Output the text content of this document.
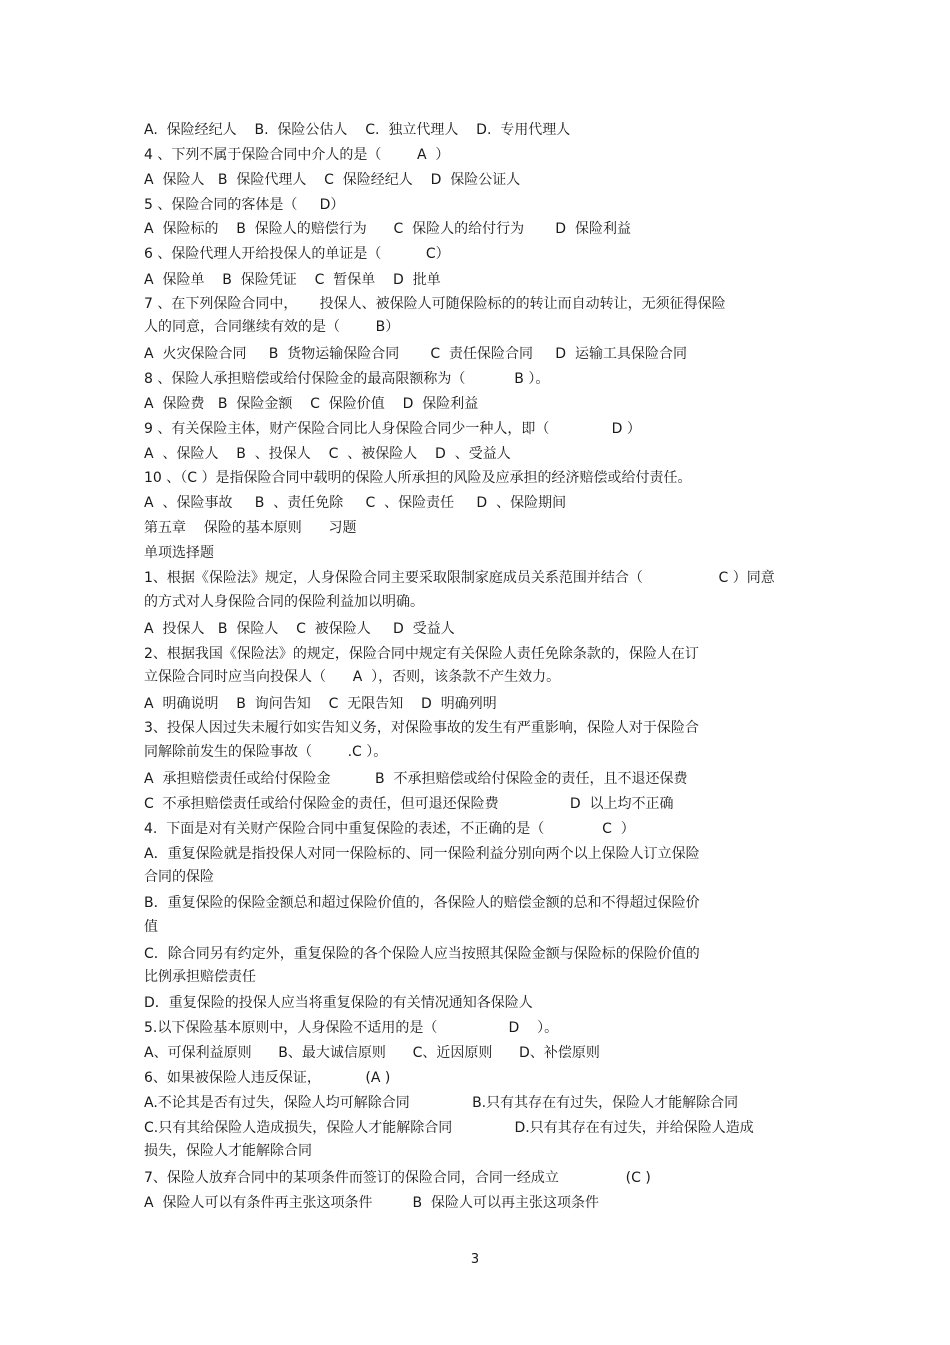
A.  保险经纪人    B.  保险公估人    C.  独立代理人    D.  专用代理人

4 、下列不属于保险合同中介人的是（        A  ）

A  保险人   B  保险代理人    C  保险经纪人    D  保险公证人

5 、保险合同的客体是（     D）

A  保险标的    B  保险人的赔偿行为      C  保险人的给付行为       D  保险利益

6 、保险代理人开给投保人的单证是（          C）

A  保险单    B  保险凭证    C  暂保单    D  批单

7 、在下列保险合同中，     投保人、被保险人可随保险标的的转让而自动转让，无须征得保险

人的同意，合同继续有效的是（        B）

A  火灾保险合同     B  货物运输保险合同       C  责任保险合同     D  运输工具保险合同

8 、保险人承担赔偿或给付保险金的最高限额称为（           B ）。

A  保险费   B  保险金额    C  保险价值    D  保险利益

9 、有关保险主体，财产保险合同比人身保险合同少一种人，即（              D ）

A  、保险人    B  、投保人    C  、被保险人    D  、受益人

10 、（C ）是指保险合同中载明的保险人所承担的风险及应承担的经济赔偿或给付责任。

A  、保险事故     B  、责任免除     C  、保险责任     D  、保险期间

第五章    保险的基本原则      习题

单项选择题

1、根据《保险法》规定，人身保险合同主要采取限制家庭成员关系范围并结合（                 C ）同意

的方式对人身保险合同的保险利益加以明确。

A  投保人   B  保险人    C  被保险人     D  受益人

2、根据我国《保险法》的规定，保险合同中规定有关保险人责任免除条款的，保险人在订

立保险合同时应当向投保人（      A  ），否则，该条款不产生效力。

A  明确说明    B  询问告知    C  无限告知    D  明确列明

3、投保人因过失未履行如实告知义务，对保险事故的发生有严重影响，保险人对于保险合

同解除前发生的保险事故（        .C ）。

A  承担赔偿责任或给付保险金          B  不承担赔偿或给付保险金的责任，且不退还保费

C  不承担赔偿责任或给付保险金的责任，但可退还保险费                D  以上均不正确

4.  下面是对有关财产保险合同中重复保险的表述，不正确的是（             C  ）

A．重复保险就是指投保人对同一保险标的、同一保险利益分别向两个以上保险人订立保险

合同的保险

B．重复保险的保险金额总和超过保险价值的，各保险人的赔偿金额的总和不得超过保险价

值

C．除合同另有约定外，重复保险的各个保险人应当按照其保险金额与保险标的保险价值的

比例承担赔偿责任

D．重复保险的投保人应当将重复保险的有关情况通知各保险人

5.以下保险基本原则中，人身保险不适用的是（                D    ）。

A、可保利益原则      B、最大诚信原则      C、近因原则      D、补偿原则

6、如果被保险人违反保证，          (A )

A.不论其是否有过失，保险人均可解除合同              B.只有其存在有过失，保险人才能解除合同

C.只有其给保险人造成损失，保险人才能解除合同              D.只有其存在有过失，并给保险人造成

损失，保险人才能解除合同

7、保险人放弃合同中的某项条件而签订的保险合同，合同一经成立               (C )

A  保险人可以有条件再主张这项条件         B  保险人可以再主张这项条件

3
